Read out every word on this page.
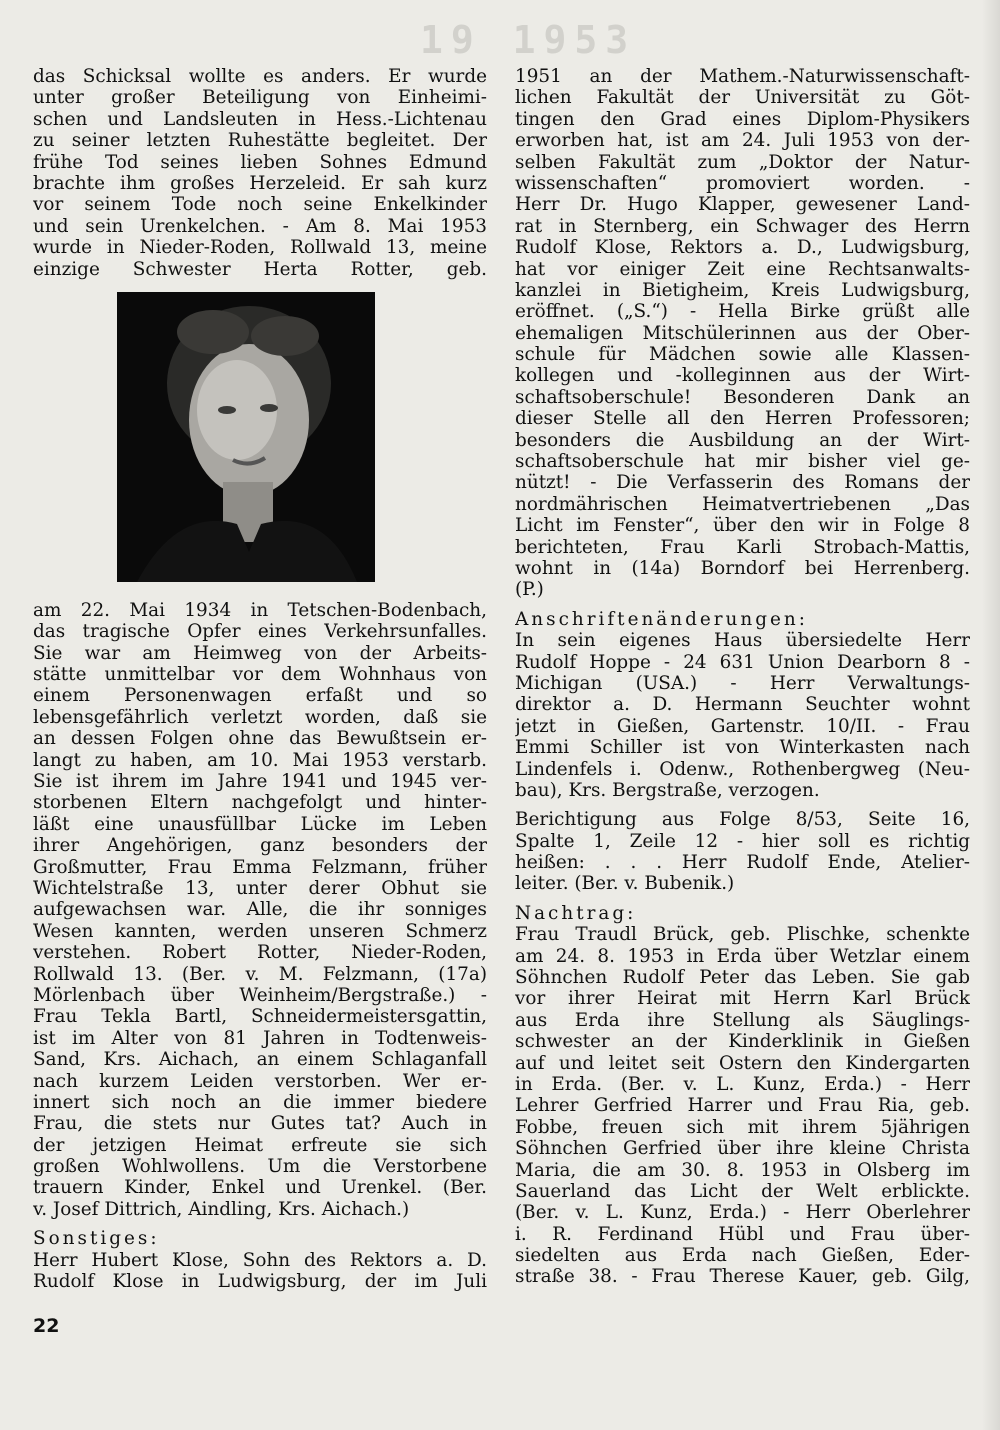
19 1953
das Schicksal wollte es anders. Er wurde
unter großer Beteiligung von Einheimi-
schen und Landsleuten in Hess.-Lichtenau
zu seiner letzten Ruhestätte begleitet. Der
frühe Tod seines lieben Sohnes Edmund
brachte ihm großes Herzeleid. Er sah kurz
vor seinem Tode noch seine Enkelkinder
und sein Urenkelchen. - Am 8. Mai 1953
wurde in Nieder-Roden, Rollwald 13, meine
einzige Schwester Herta Rotter, geb.
am 22. Mai 1934 in Tetschen-Bodenbach,
das tragische Opfer eines Verkehrsunfalles.
Sie war am Heimweg von der Arbeits-
stätte unmittelbar vor dem Wohnhaus von
einem Personenwagen erfaßt und so
lebensgefährlich verletzt worden, daß sie
an dessen Folgen ohne das Bewußtsein er-
langt zu haben, am 10. Mai 1953 verstarb.
Sie ist ihrem im Jahre 1941 und 1945 ver-
storbenen Eltern nachgefolgt und hinter-
läßt eine unausfüllbar Lücke im Leben
ihrer Angehörigen, ganz besonders der
Großmutter, Frau Emma Felzmann, früher
Wichtelstraße 13, unter derer Obhut sie
aufgewachsen war. Alle, die ihr sonniges
Wesen kannten, werden unseren Schmerz
verstehen. Robert Rotter, Nieder-Roden,
Rollwald 13. (Ber. v. M. Felzmann, (17a)
Mörlenbach über Weinheim/Bergstraße.) -
Frau Tekla Bartl, Schneidermeistersgattin,
ist im Alter von 81 Jahren in Todtenweis-
Sand, Krs. Aichach, an einem Schlaganfall
nach kurzem Leiden verstorben. Wer er-
innert sich noch an die immer biedere
Frau, die stets nur Gutes tat? Auch in
der jetzigen Heimat erfreute sie sich
großen Wohlwollens. Um die Verstorbene
trauern Kinder, Enkel und Urenkel. (Ber.
v. Josef Dittrich, Aindling, Krs. Aichach.)
Sonstiges:
Herr Hubert Klose, Sohn des Rektors a. D.
Rudolf Klose in Ludwigsburg, der im Juli
1951 an der Mathem.-Naturwissenschaft-
lichen Fakultät der Universität zu Göt-
tingen den Grad eines Diplom-Physikers
erworben hat, ist am 24. Juli 1953 von der-
selben Fakultät zum „Doktor der Natur-
wissenschaften“ promoviert worden. -
Herr Dr. Hugo Klapper, gewesener Land-
rat in Sternberg, ein Schwager des Herrn
Rudolf Klose, Rektors a. D., Ludwigsburg,
hat vor einiger Zeit eine Rechtsanwalts-
kanzlei in Bietigheim, Kreis Ludwigsburg,
eröffnet. („S.“) - Hella Birke grüßt alle
ehemaligen Mitschülerinnen aus der Ober-
schule für Mädchen sowie alle Klassen-
kollegen und -kolleginnen aus der Wirt-
schaftsoberschule! Besonderen Dank an
dieser Stelle all den Herren Professoren;
besonders die Ausbildung an der Wirt-
schaftsoberschule hat mir bisher viel ge-
nützt! - Die Verfasserin des Romans der
nordmährischen Heimatvertriebenen „Das
Licht im Fenster“, über den wir in Folge 8
berichteten, Frau Karli Strobach-Mattis,
wohnt in (14a) Borndorf bei Herrenberg.
(P.)
Anschriftenänderungen:
In sein eigenes Haus übersiedelte Herr
Rudolf Hoppe - 24 631 Union Dearborn 8 -
Michigan (USA.) - Herr Verwaltungs-
direktor a. D. Hermann Seuchter wohnt
jetzt in Gießen, Gartenstr. 10/II. - Frau
Emmi Schiller ist von Winterkasten nach
Lindenfels i. Odenw., Rothenbergweg (Neu-
bau), Krs. Bergstraße, verzogen.
Berichtigung aus Folge 8/53, Seite 16,
Spalte 1, Zeile 12 - hier soll es richtig
heißen: . . . Herr Rudolf Ende, Atelier-
leiter. (Ber. v. Bubenik.)
Nachtrag:
Frau Traudl Brück, geb. Plischke, schenkte
am 24. 8. 1953 in Erda über Wetzlar einem
Söhnchen Rudolf Peter das Leben. Sie gab
vor ihrer Heirat mit Herrn Karl Brück
aus Erda ihre Stellung als Säuglings-
schwester an der Kinderklinik in Gießen
auf und leitet seit Ostern den Kindergarten
in Erda. (Ber. v. L. Kunz, Erda.) - Herr
Lehrer Gerfried Harrer und Frau Ria, geb.
Fobbe, freuen sich mit ihrem 5jährigen
Söhnchen Gerfried über ihre kleine Christa
Maria, die am 30. 8. 1953 in Olsberg im
Sauerland das Licht der Welt erblickte.
(Ber. v. L. Kunz, Erda.) - Herr Oberlehrer
i. R. Ferdinand Hübl und Frau über-
siedelten aus Erda nach Gießen, Eder-
straße 38. - Frau Therese Kauer, geb. Gilg,
22
